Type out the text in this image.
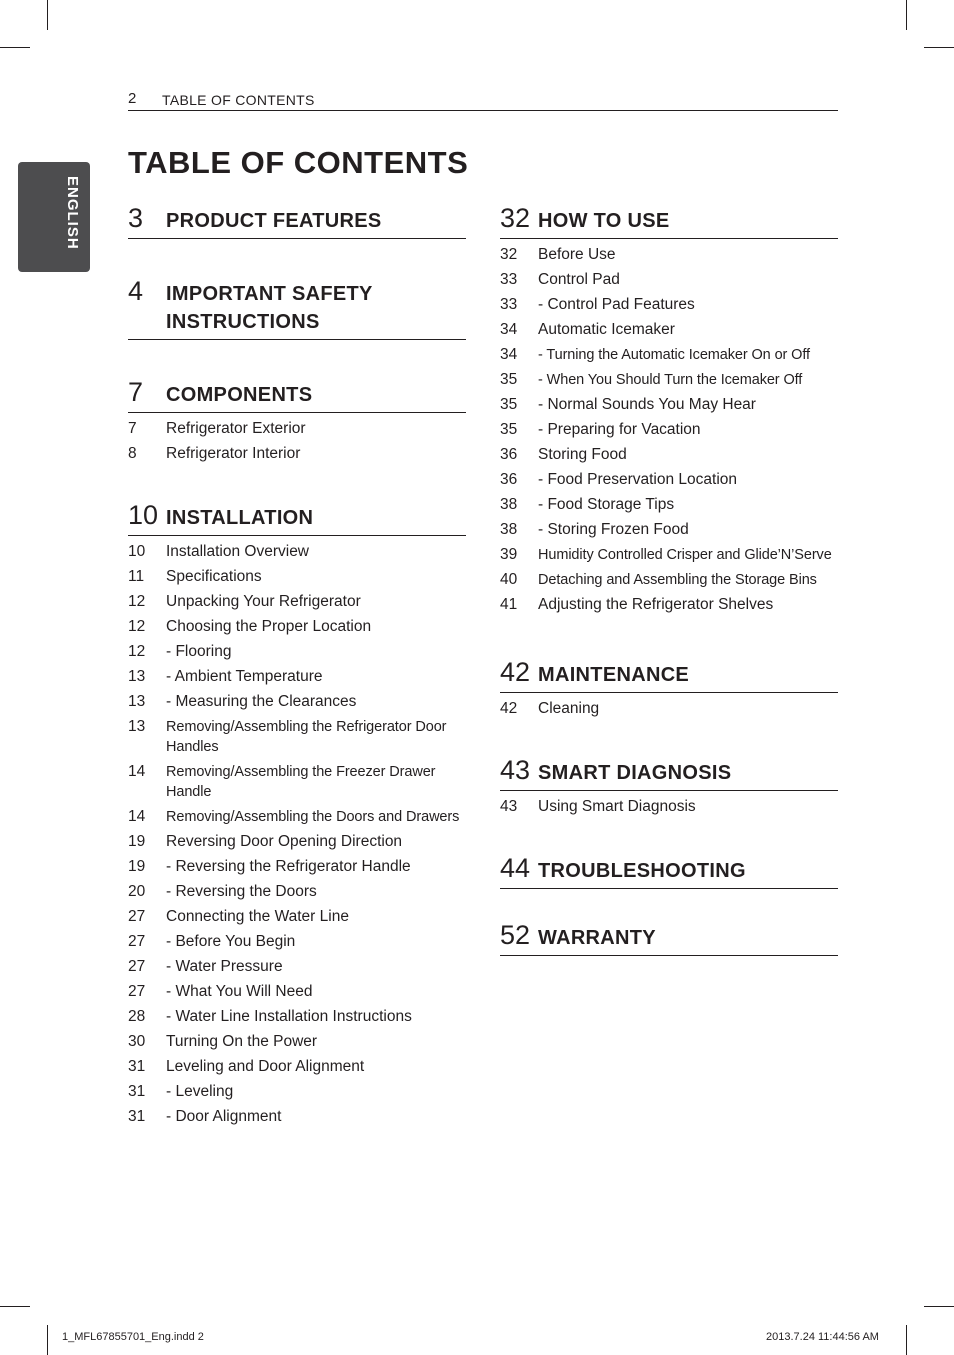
2 TABLE OF CONTENTS
ENGLISH
TABLE OF CONTENTS
3	PRODUCT FEATURES
4	IMPORTANT SAFETY INSTRUCTIONS
7	COMPONENTS
7	Refrigerator Exterior
8	Refrigerator Interior
10 INSTALLATION
10	Installation Overview
11	Specifications
12	Unpacking Your Refrigerator
12	Choosing the Proper Location
12	- Flooring
13	- Ambient Temperature
13	- Measuring the Clearances
13	Removing/Assembling the Refrigerator Door Handles
14	Removing/Assembling the Freezer Drawer Handle
14	Removing/Assembling the Doors and Drawers
19	Reversing Door Opening Direction
19	- Reversing the Refrigerator Handle
20	- Reversing the Doors
27	Connecting the Water Line
27	- Before You Begin
27	- Water Pressure
27	- What You Will Need
28	- Water Line Installation Instructions
30	Turning On the Power
31	Leveling and Door Alignment
31	- Leveling
31	- Door Alignment
32 HOW TO USE
32	Before Use
33	Control Pad
33	- Control Pad Features
34	Automatic Icemaker
34	- Turning the Automatic Icemaker On or Off
35	- When You Should Turn the Icemaker Off
35	- Normal Sounds You May Hear
35	- Preparing for Vacation
36	Storing Food
36	- Food Preservation Location
38	- Food Storage Tips
38	- Storing Frozen Food
39	Humidity Controlled Crisper and Glide’N’Serve
40	Detaching and Assembling the Storage Bins
41	Adjusting the Refrigerator Shelves
42 MAINTENANCE
42	Cleaning
43 SMART DIAGNOSIS
43	Using Smart Diagnosis
44 TROUBLESHOOTING
52 WARRANTY
1_MFL67855701_Eng.indd 2	2013.7.24 11:44:56 AM
